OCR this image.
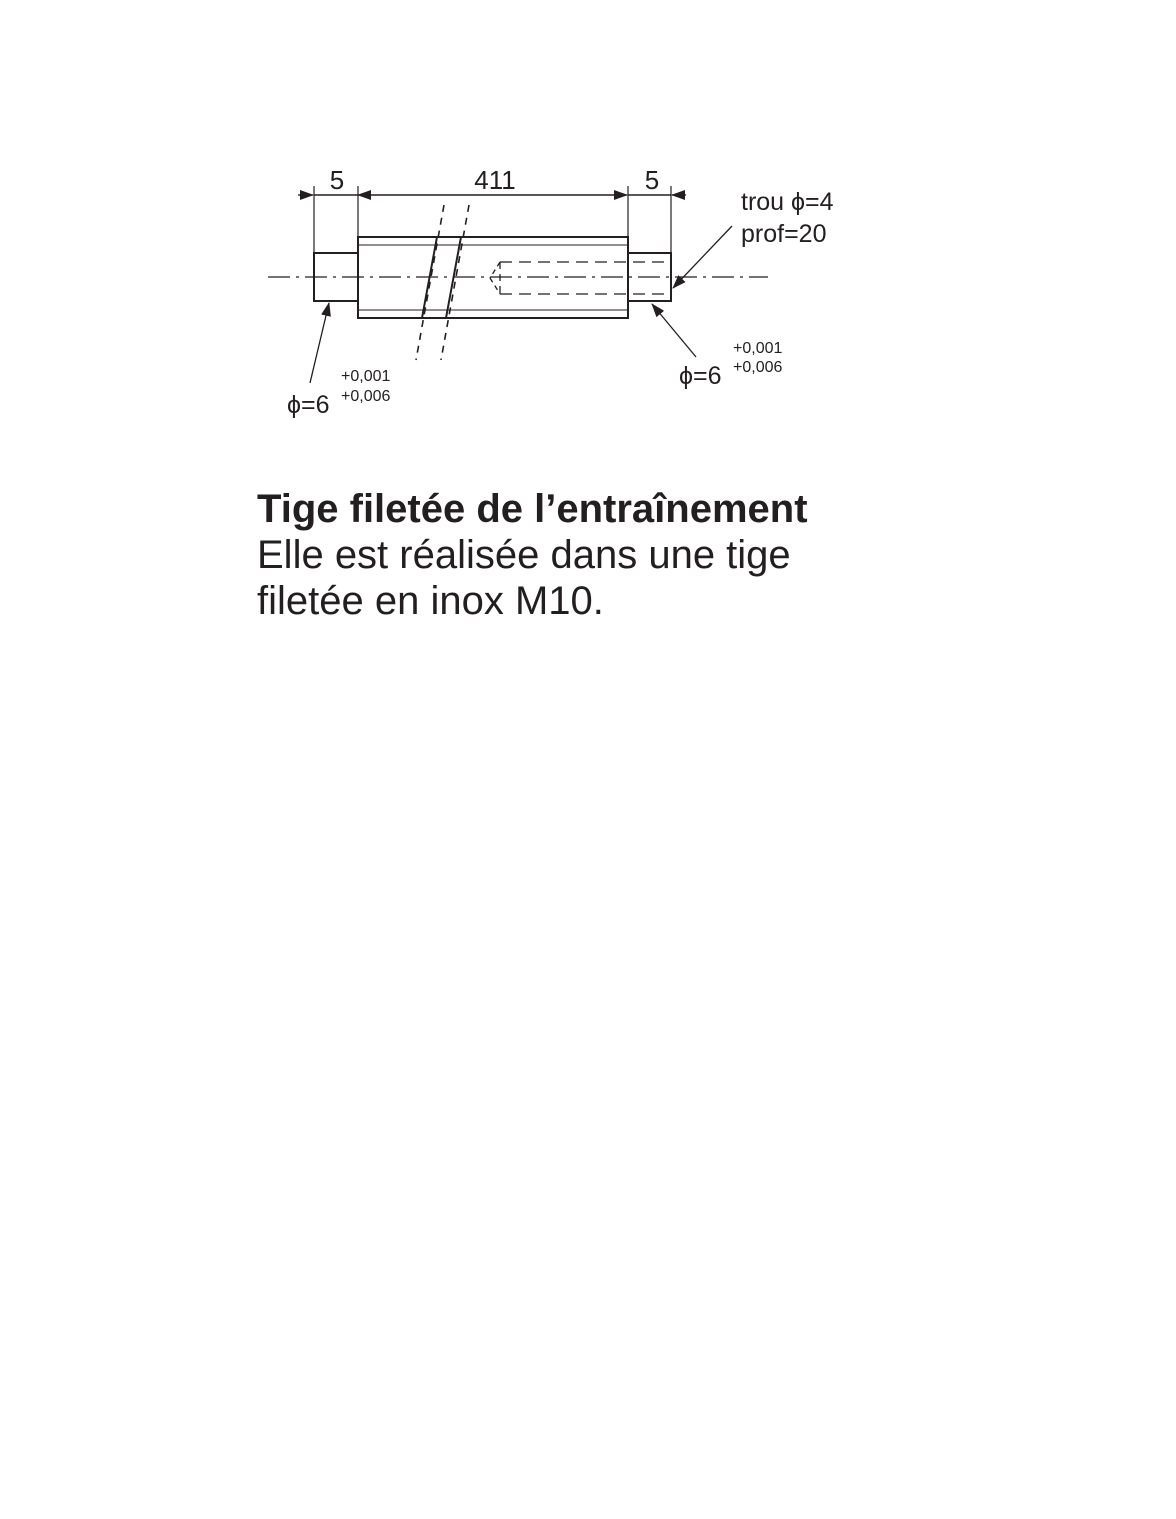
5	411	5
trou ϕ=4
prof=20
ϕ=6
+0,001
+0,006
ϕ=6
+0,001
+0,006
Tige filetée de l’entraînement
Elle est réalisée dans une tige
filetée en inox M10.
